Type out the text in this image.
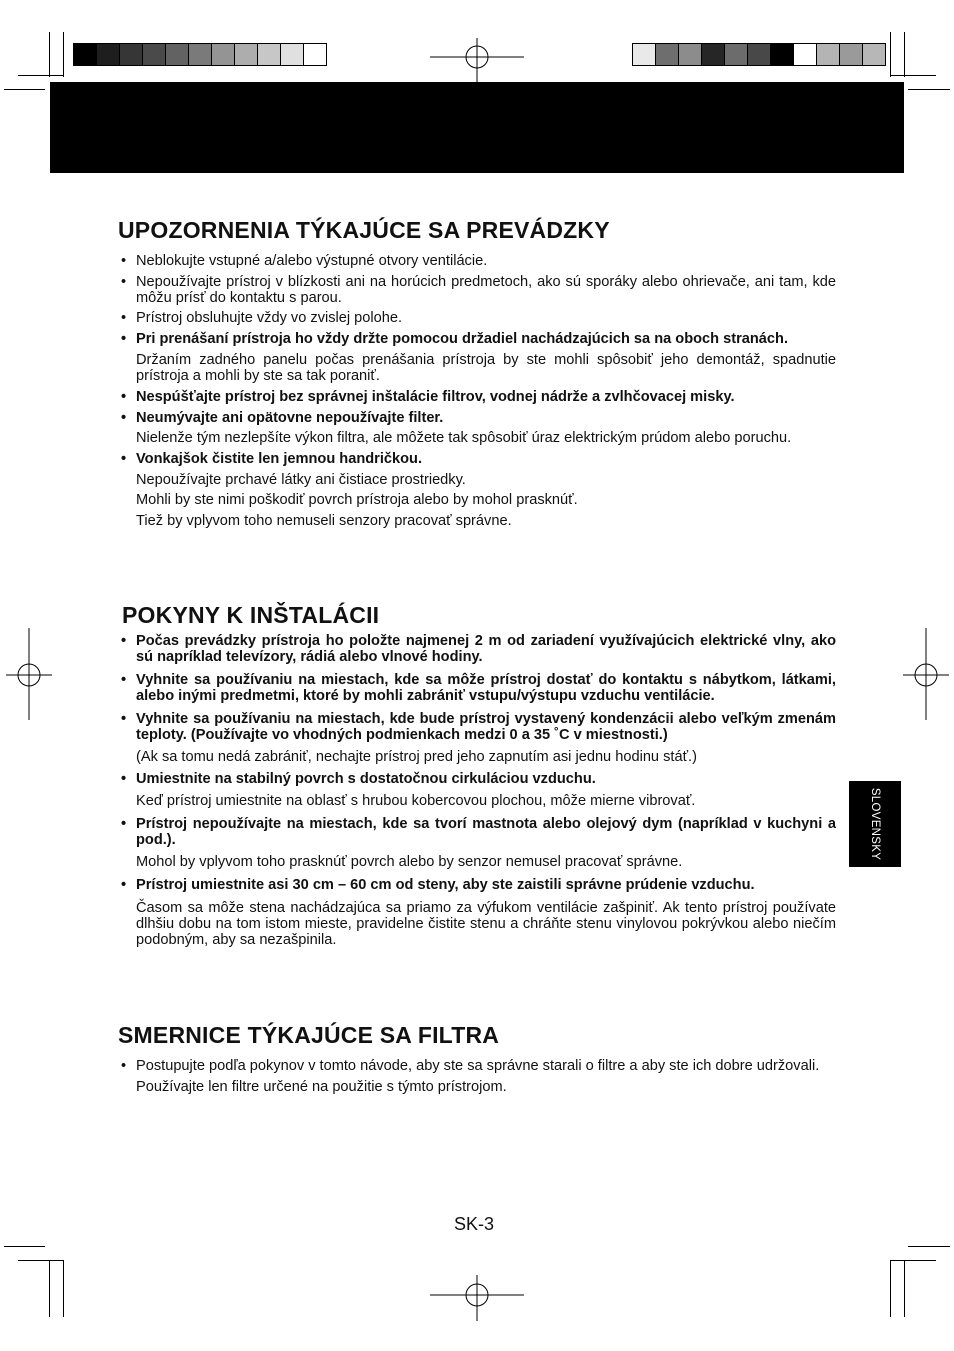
UPOZORNENIA TÝKAJÚCE SA PREVÁDZKY

• Neblokujte vstupné a/alebo výstupné otvory ventilácie.

• Nepoužívajte prístroj v blízkosti ani na horúcich predmetoch, ako sú sporáky alebo ohrievače, ani tam, kde môžu prísť do kontaktu s parou.

• Prístroj obsluhujte vždy vo zvislej polohe.

• Pri prenášaní prístroja ho vždy držte pomocou držadiel nachádzajúcich sa na oboch stranách.

Držaním zadného panelu počas prenášania prístroja by ste mohli spôsobiť jeho demontáž, spadnutie prístroja a mohli by ste sa tak poraniť.

• Nespúšťajte prístroj bez správnej inštalácie filtrov, vodnej nádrže a zvlhčovacej misky.

• Neumývajte ani opätovne nepoužívajte filter.

Nielenže tým nezlepšíte výkon filtra, ale môžete tak spôsobiť úraz elektrickým prúdom alebo poruchu.

• Vonkajšok čistite len jemnou handričkou.

Nepoužívajte prchavé látky ani čistiace prostriedky.

Mohli by ste nimi poškodiť povrch prístroja alebo by mohol prasknúť.

Tiež by vplyvom toho nemuseli senzory pracovať správne.

POKYNY K INŠTALÁCII

• Počas prevádzky prístroja ho položte najmenej 2 m od zariadení využívajúcich elektrické vlny, ako sú napríklad televízory, rádiá alebo vlnové hodiny.

• Vyhnite sa používaniu na miestach, kde sa môže prístroj dostať do kontaktu s nábytkom, látkami, alebo inými predmetmi, ktoré by mohli zabrániť vstupu/výstupu vzduchu ventilácie.

• Vyhnite sa používaniu na miestach, kde bude prístroj vystavený kondenzácii alebo veľkým zmenám teploty. (Používajte vo vhodných podmienkach medzi 0 a 35 ˚C v miestnosti.)

(Ak sa tomu nedá zabrániť, nechajte prístroj pred jeho zapnutím asi jednu hodinu stáť.)

• Umiestnite na stabilný povrch s dostatočnou cirkuláciou vzduchu.

Keď prístroj umiestnite na oblasť s hrubou kobercovou plochou, môže mierne vibrovať.

• Prístroj nepoužívajte na miestach, kde sa tvorí mastnota alebo olejový dym (napríklad v kuchyni a pod.).

Mohol by vplyvom toho prasknúť povrch alebo by senzor nemusel pracovať správne.

• Prístroj umiestnite asi 30 cm – 60 cm od steny, aby ste zaistili správne prúdenie vzduchu.

Časom sa môže stena nachádzajúca sa priamo za výfukom ventilácie zašpiniť. Ak tento prístroj používate dlhšiu dobu na tom istom mieste, pravidelne čistite stenu a chráňte stenu vinylovou pokrývkou alebo niečím podobným, aby sa nezašpinila.

SMERNICE TÝKAJÚCE SA FILTRA

• Postupujte podľa pokynov v tomto návode, aby ste sa správne starali o filtre a aby ste ich dobre udržovali.

Používajte len filtre určené na použitie s týmto prístrojom.

SLOVENSKY
SK-3
